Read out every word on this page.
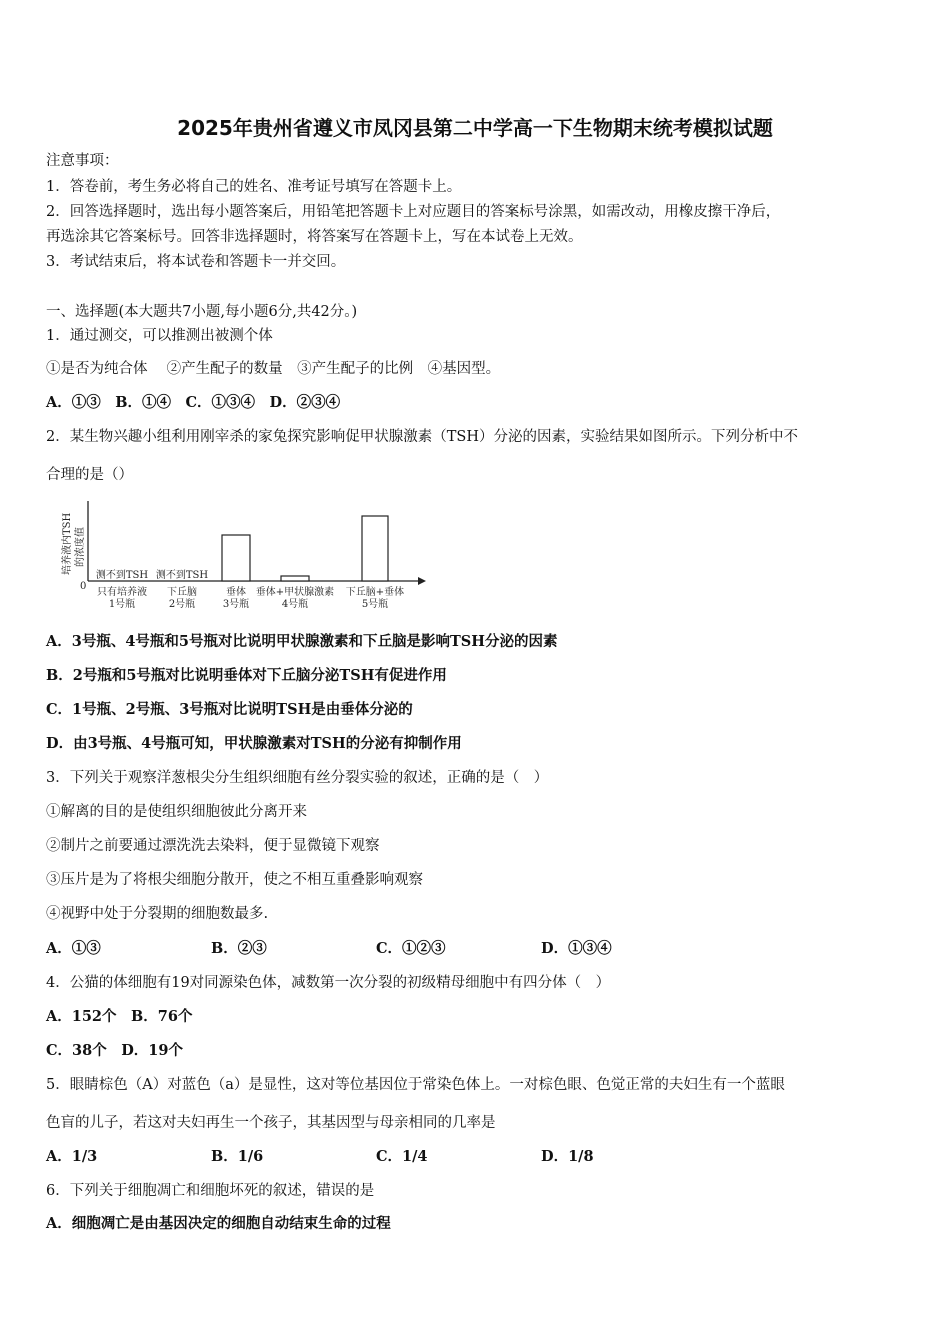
2025年贵州省遵义市凤冈县第二中学高一下生物期末统考模拟试题
注意事项：
1．答卷前，考生务必将自己的姓名、准考证号填写在答题卡上。
2．回答选择题时，选出每小题答案后，用铅笔把答题卡上对应题目的答案标号涂黑，如需改动，用橡皮擦干净后，
再选涂其它答案标号。回答非选择题时，将答案写在答题卡上，写在本试卷上无效。
3．考试结束后，将本试卷和答题卡一并交回。
一、选择题(本大题共7小题,每小题6分,共42分。)
1．通过测交，可以推测出被测个体
①是否为纯合体　 ②产生配子的数量　③产生配子的比例　④基因型。
A．①③　B．①④　C．①③④　D．②③④
2．某生物兴趣小组利用刚宰杀的家兔探究影响促甲状腺激素（TSH）分泌的因素，实验结果如图所示。下列分析中不
合理的是（）
培养液内TSH 的浓度值
0
测不到TSH
只有培养液
1号瓶
测不到TSH
下丘脑
2号瓶
垂体
3号瓶
垂体+甲状腺激素
4号瓶
下丘脑+垂体
5号瓶
A．3号瓶、4号瓶和5号瓶对比说明甲状腺激素和下丘脑是影响TSH分泌的因素
B．2号瓶和5号瓶对比说明垂体对下丘脑分泌TSH有促进作用
C．1号瓶、2号瓶、3号瓶对比说明TSH是由垂体分泌的
D．由3号瓶、4号瓶可知，甲状腺激素对TSH的分泌有抑制作用
3．下列关于观察洋葱根尖分生组织细胞有丝分裂实验的叙述，正确的是（　）
①解离的目的是使组织细胞彼此分离开来
②制片之前要通过漂洗洗去染料，便于显微镜下观察
③压片是为了将根尖细胞分散开，使之不相互重叠影响观察
④视野中处于分裂期的细胞数最多.
A．①③	B．②③	C．①②③	D．①③④
4．公猫的体细胞有19对同源染色体，减数第一次分裂的初级精母细胞中有四分体（　）
A．152个　B．76个
C．38个　D．19个
5．眼睛棕色（A）对蓝色（a）是显性，这对等位基因位于常染色体上。一对棕色眼、色觉正常的夫妇生有一个蓝眼
色盲的儿子，若这对夫妇再生一个孩子，其基因型与母亲相同的几率是
A．1/3	B．1/6	C．1/4	D．1/8
6．下列关于细胞凋亡和细胞坏死的叙述，错误的是
A．细胞凋亡是由基因决定的细胞自动结束生命的过程
